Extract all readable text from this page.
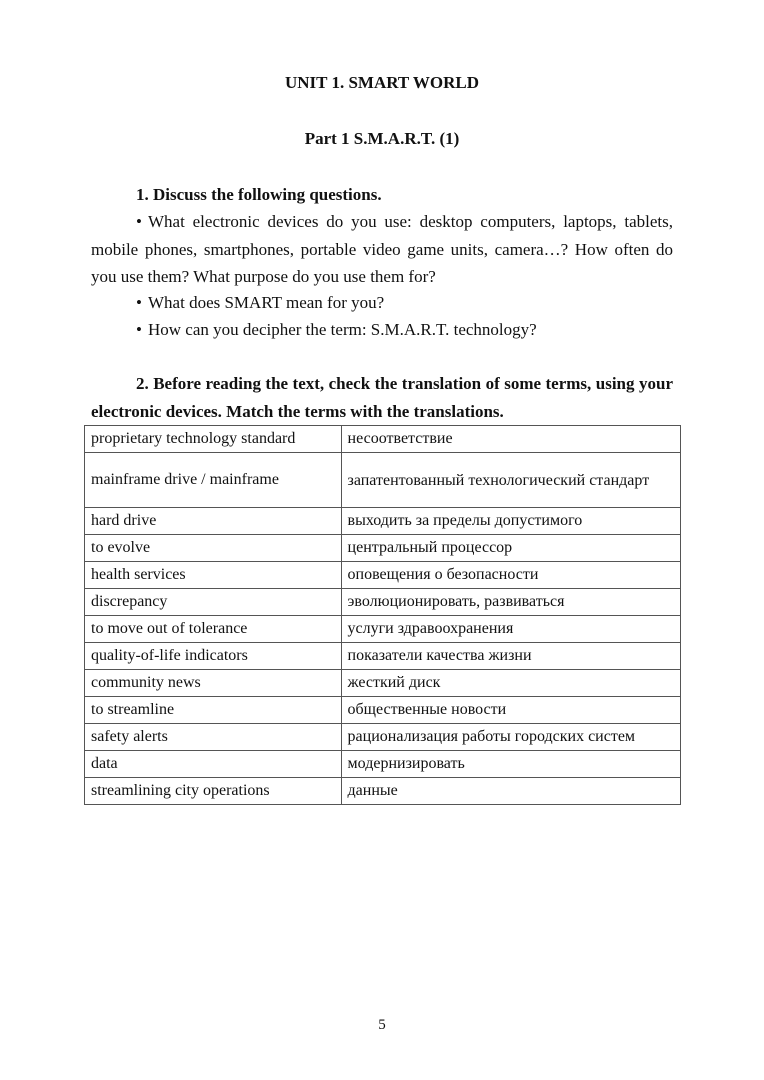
UNIT 1. SMART WORLD
Part 1 S.M.A.R.T. (1)
1. Discuss the following questions.
• What electronic devices do you use: desktop computers, laptops, tablets, mobile phones, smartphones, portable video game units, camera…? How often do you use them? What purpose do you use them for?
• What does SMART mean for you?
• How can you decipher the term: S.M.A.R.T. technology?
2. Before reading the text, check the translation of some terms, using your electronic devices. Match the terms with the translations.
proprietary technology standard	несоответствие
mainframe drive / mainframe	запатентованный технологический стандарт
hard drive	выходить за пределы допустимого
to evolve	центральный процессор
health services	оповещения о безопасности
discrepancy	эволюционировать, развиваться
to move out of tolerance	услуги здравоохранения
quality-of-life indicators	показатели качества жизни
community news	жесткий диск
to streamline	общественные новости
safety alerts	рационализация работы городских систем
data	модернизировать
streamlining city operations	данные
5
